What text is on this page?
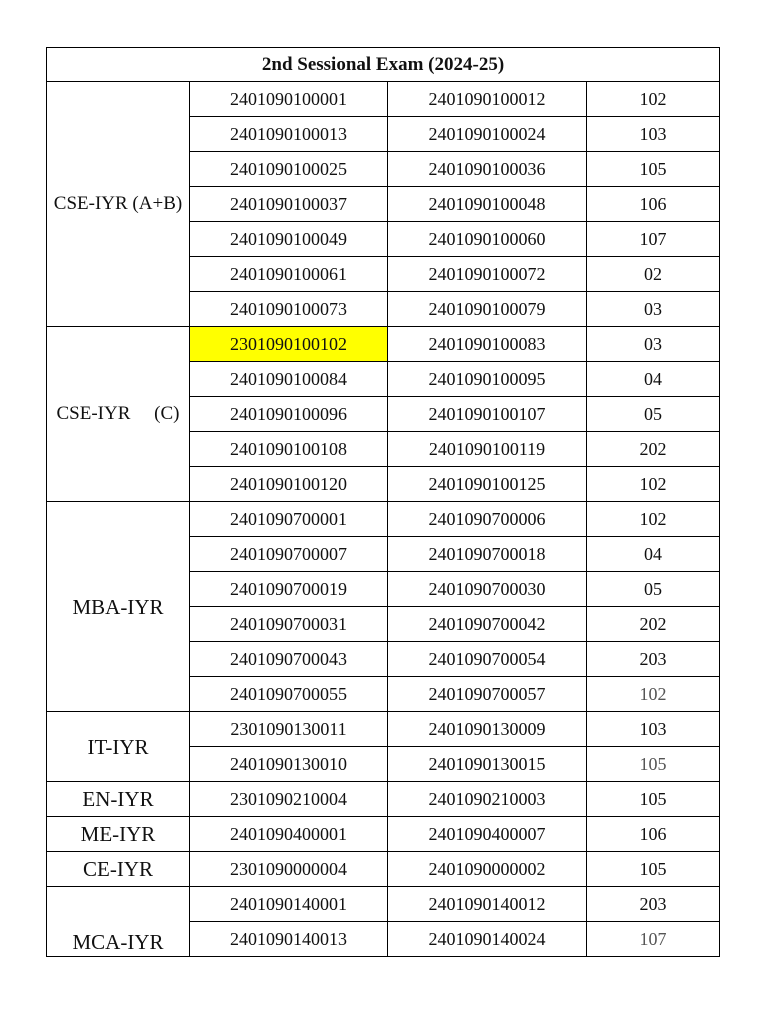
2nd Sessional Exam (2024-25)			
CSE-IYR (A+B)	2401090100001	2401090100012	102
	2401090100013	2401090100024	103
	2401090100025	2401090100036	105
	2401090100037	2401090100048	106
	2401090100049	2401090100060	107
	2401090100061	2401090100072	02
	2401090100073	2401090100079	03
CSE-IYR (C)	2301090100102	2401090100083	03
	2401090100084	2401090100095	04
	2401090100096	2401090100107	05
	2401090100108	2401090100119	202
	2401090100120	2401090100125	102
MBA-IYR	2401090700001	2401090700006	102
	2401090700007	2401090700018	04
	2401090700019	2401090700030	05
	2401090700031	2401090700042	202
	2401090700043	2401090700054	203
	2401090700055	2401090700057	102
IT-IYR	2301090130011	2401090130009	103
	2401090130010	2401090130015	105
EN-IYR	2301090210004	2401090210003	105
ME-IYR	2401090400001	2401090400007	106
CE-IYR	2301090000004	2401090000002	105
MCA-IYR	2401090140001	2401090140012	203
	2401090140013	2401090140024	107
